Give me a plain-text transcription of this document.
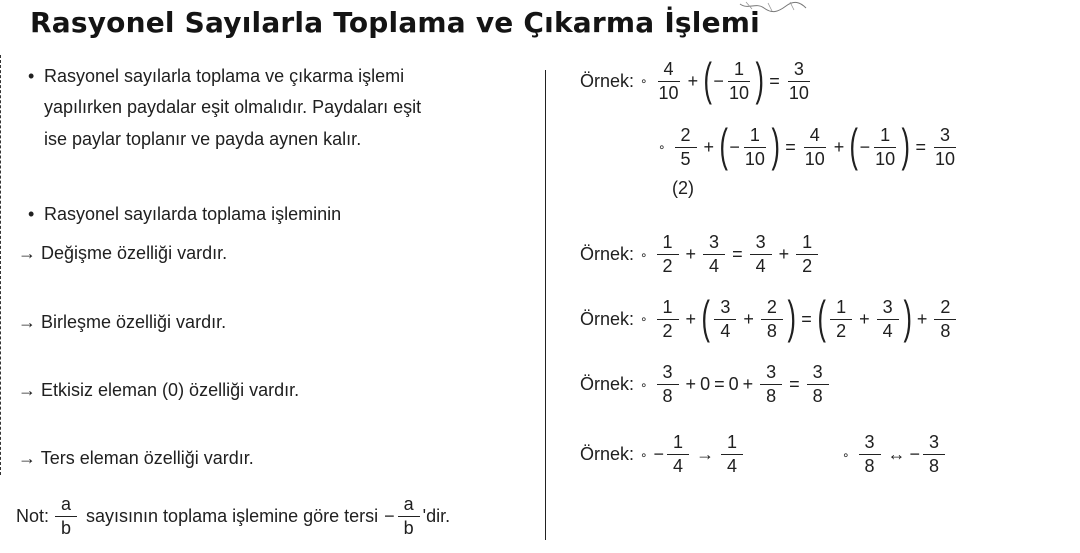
Rasyonel Sayılarla Toplama ve Çıkarma İşlemi
• Rasyonel sayılarla toplama ve çıkarma işlemi
yapılırken paydalar eşit olmalıdır. Paydaları eşit
ise paylar toplanır ve payda aynen kalır.
• Rasyonel sayılarda toplama işleminin
→ Değişme özelliği vardır.
→ Birleşme özelliği vardır.
→ Etkisiz eleman (0) özelliği vardır.
→ Ters eleman özelliği vardır.
Not: $\frac{a}{b}$ sayısının toplama işlemine göre tersi − $\frac{a}{b}$ 'dir.
Örnek: ∘ $\frac{4}{10}$ + ( − $\frac{1}{10}$ ) = $\frac{3}{10}$
∘ $\frac{2}{5}$ + ( − $\frac{1}{10}$ ) = $\frac{4}{10}$ + ( − $\frac{1}{10}$ ) = $\frac{3}{10}$
(2)
Örnek: ∘ $\frac{1}{2} + \frac{3}{4} = \frac{3}{4} + \frac{1}{2}$
Örnek: ∘ $\frac{1}{2}$ + ( $\frac{3}{4} + \frac{2}{8}$ ) = ( $\frac{1}{2} + \frac{3}{4}$ ) + $\frac{2}{8}$
Örnek: ∘ $\frac{3}{8} + 0 = 0 + \frac{3}{8} = \frac{3}{8}$
Örnek: ∘ − $\frac{1}{4} \to \frac{1}{4}$	∘ $\frac{3}{8}$ ↔ − $\frac{3}{8}$
